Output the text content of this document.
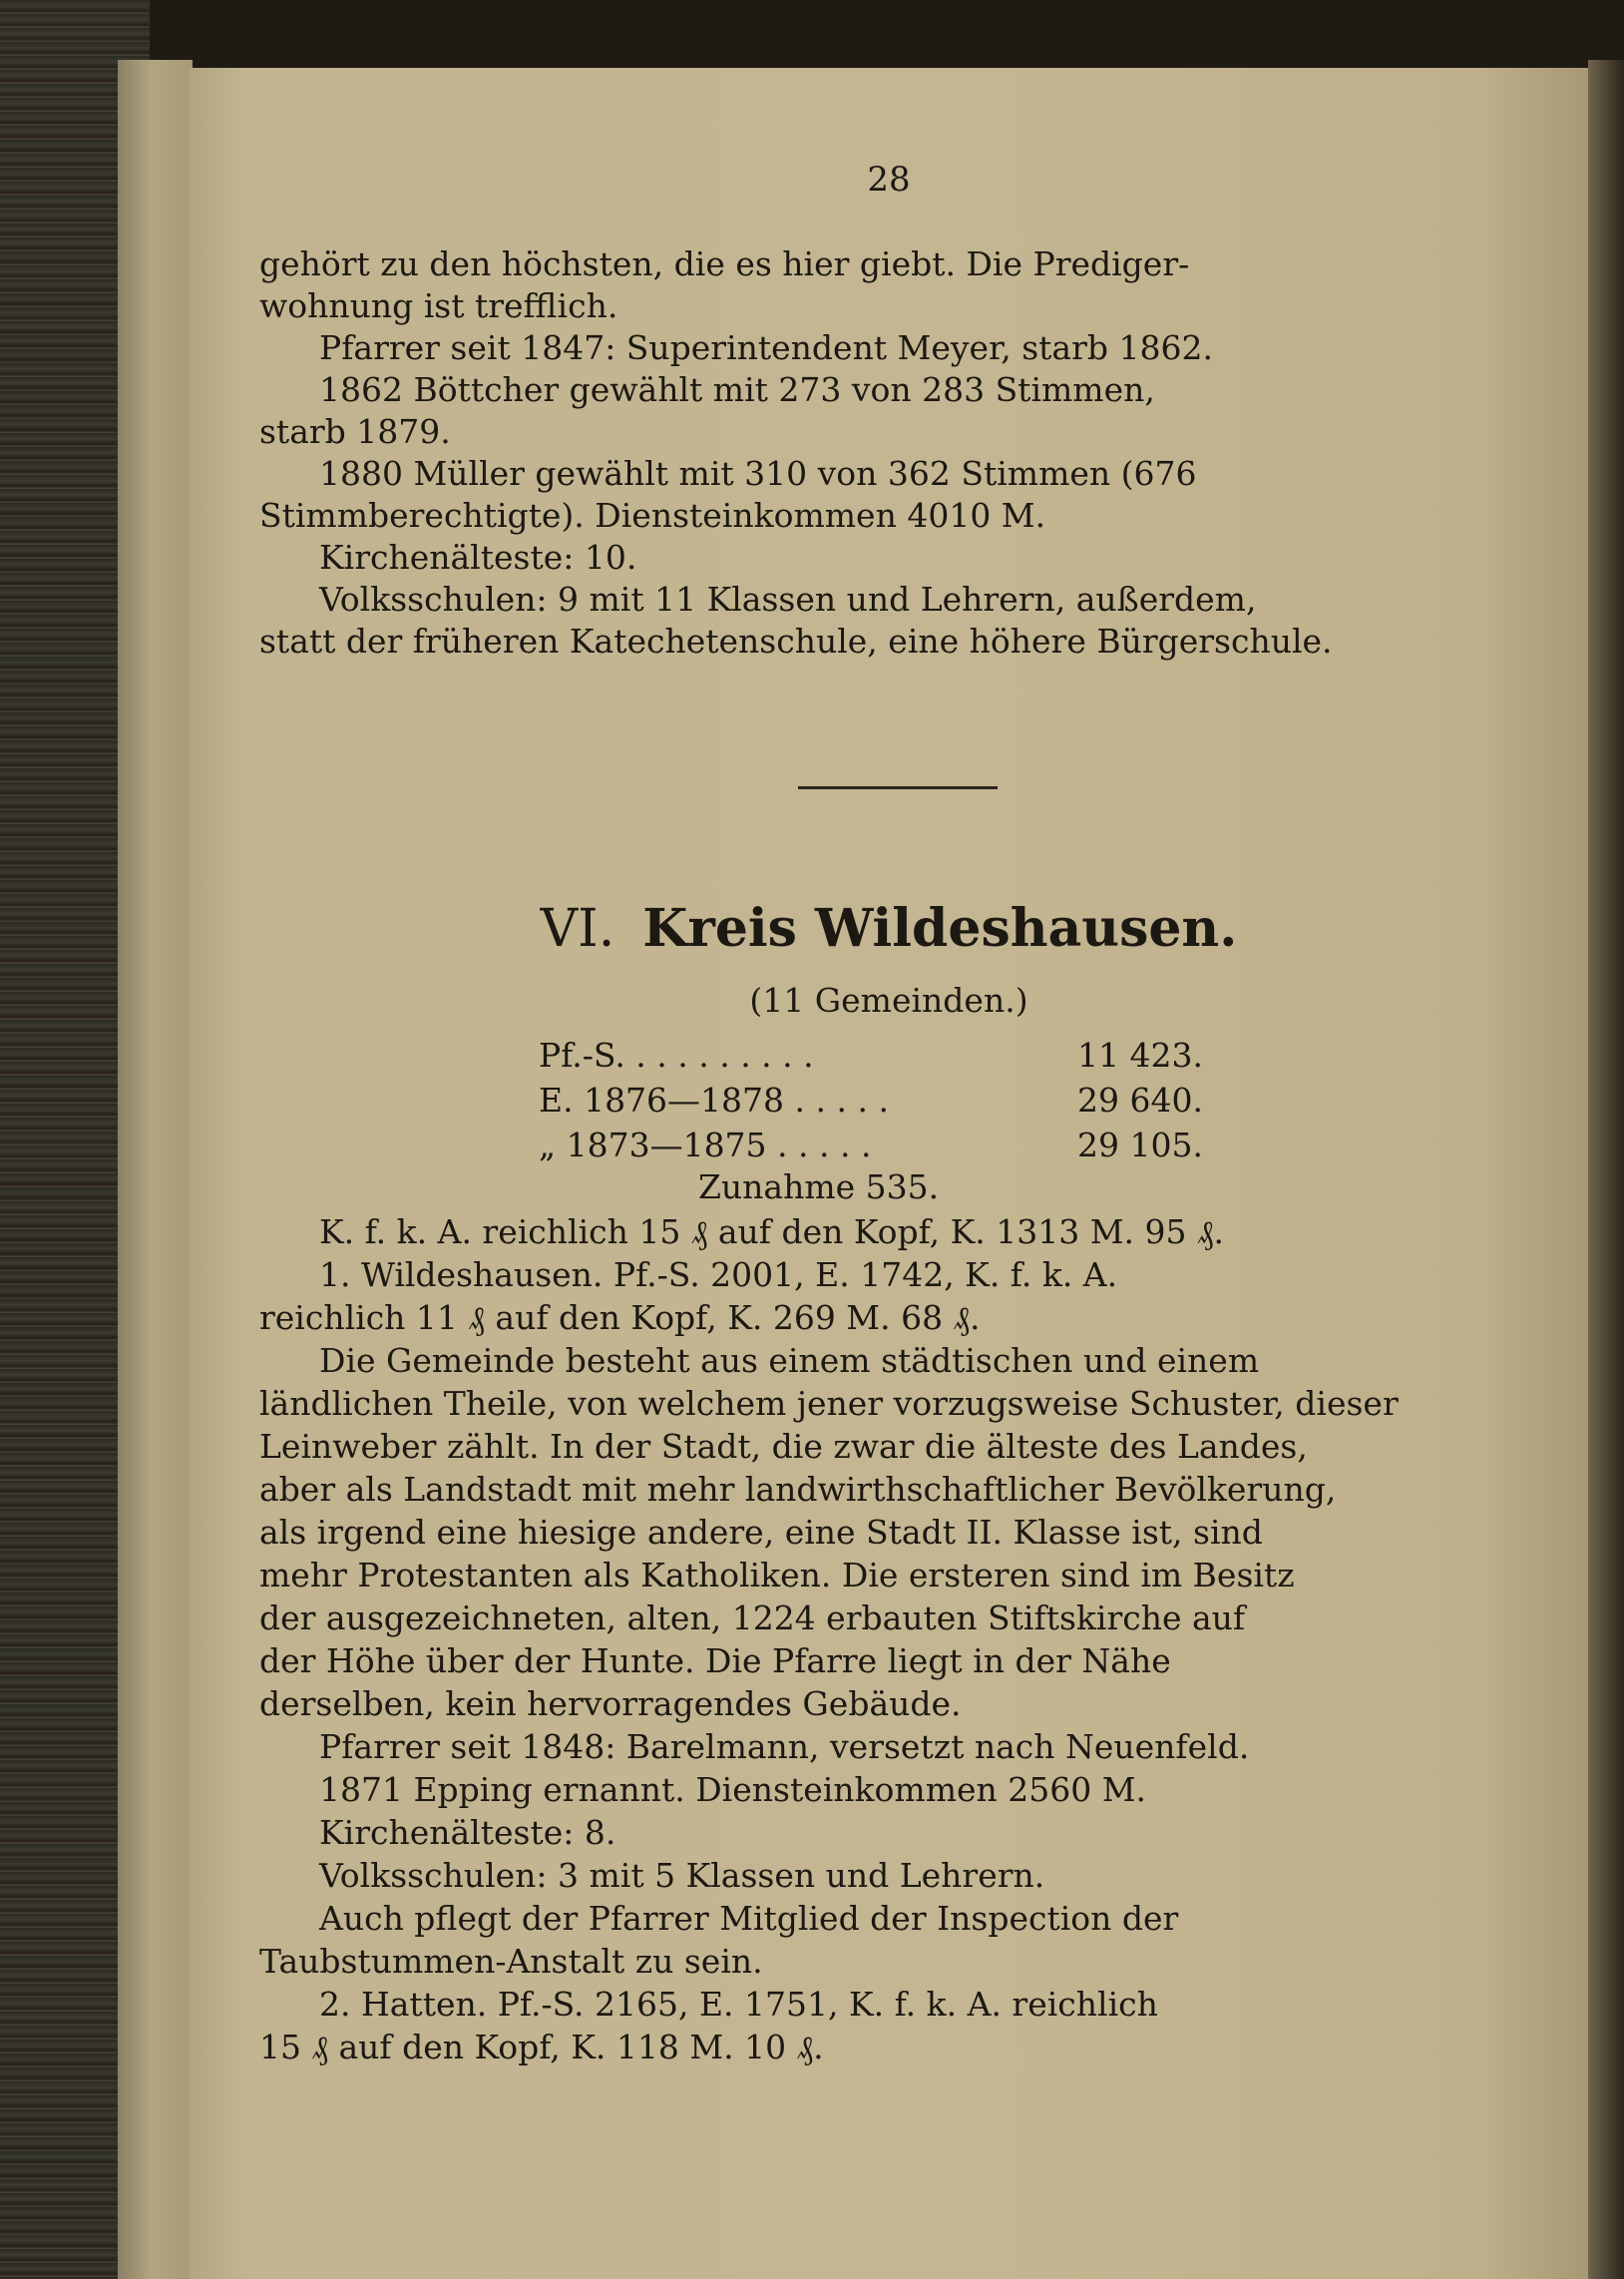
28
gehört zu den höchsten, die es hier giebt. Die Prediger-
wohnung ist trefflich.
Pfarrer seit 1847: Superintendent Meyer, starb 1862.
1862 Böttcher gewählt mit 273 von 283 Stimmen,
starb 1879.
1880 Müller gewählt mit 310 von 362 Stimmen (676
Stimmberechtigte). Diensteinkommen 4010 M.
Kirchenälteste: 10.
Volksschulen: 9 mit 11 Klassen und Lehrern, außerdem,
statt der früheren Katechetenschule, eine höhere Bürgerschule.
VI. Kreis Wildeshausen.
(11 Gemeinden.)
Pf.-S. . . . . . . . . .	11 423.
E. 1876—1878 . . . . .	29 640.
„ 1873—1875 . . . . .	29 105.
Zunahme 535.
K. f. k. A. reichlich 15 ₰ auf den Kopf, K. 1313 M. 95 ₰.
1. Wildeshausen. Pf.-S. 2001, E. 1742, K. f. k. A.
reichlich 11 ₰ auf den Kopf, K. 269 M. 68 ₰.
Die Gemeinde besteht aus einem städtischen und einem
ländlichen Theile, von welchem jener vorzugsweise Schuster, dieser
Leinweber zählt. In der Stadt, die zwar die älteste des Landes,
aber als Landstadt mit mehr landwirthschaftlicher Bevölkerung,
als irgend eine hiesige andere, eine Stadt II. Klasse ist, sind
mehr Protestanten als Katholiken. Die ersteren sind im Besitz
der ausgezeichneten, alten, 1224 erbauten Stiftskirche auf
der Höhe über der Hunte. Die Pfarre liegt in der Nähe
derselben, kein hervorragendes Gebäude.
Pfarrer seit 1848: Barelmann, versetzt nach Neuenfeld.
1871 Epping ernannt. Diensteinkommen 2560 M.
Kirchenälteste: 8.
Volksschulen: 3 mit 5 Klassen und Lehrern.
Auch pflegt der Pfarrer Mitglied der Inspection der
Taubstummen-Anstalt zu sein.
2. Hatten. Pf.-S. 2165, E. 1751, K. f. k. A. reichlich
15 ₰ auf den Kopf, K. 118 M. 10 ₰.
